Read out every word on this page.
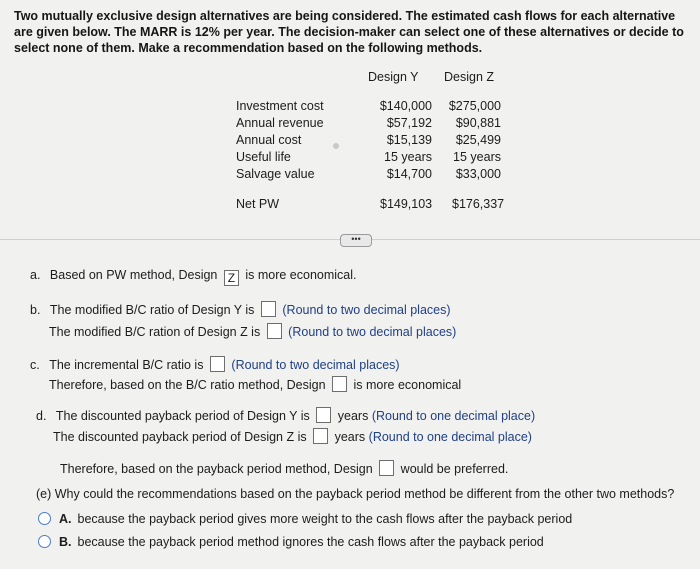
Two mutually exclusive design alternatives are being considered. The estimated cash flows for each alternative are given below. The MARR is 12% per year. The decision-maker can select one of these alternatives or decide to select none of them. Make a recommendation based on the following methods.
Design Y Design Z
Investment cost
Annual revenue
Annual cost
Useful life
Salvage value
$140,000
$57,192
$15,139
15 years
$14,700
$275,000
$90,881
$25,499
15 years
$33,000
Net PW	$149,103 $176,337
•••
a. Based on PW method, Design Z is more economical.
b. The modified B/C ratio of Design Y is (Round to two decimal places)
The modified B/C ration of Design Z is (Round to two decimal places)
c. The incremental B/C ratio is (Round to two decimal places)
Therefore, based on the B/C ratio method, Design is more economical
d. The discounted payback period of Design Y is years (Round to one decimal place)
The discounted payback period of Design Z is years (Round to one decimal place)
Therefore, based on the payback period method, Design would be preferred.
(e) Why could the recommendations based on the payback period method be different from the other two methods?
A. because the payback period gives more weight to the cash flows after the payback period
B. because the payback period method ignores the cash flows after the payback period
